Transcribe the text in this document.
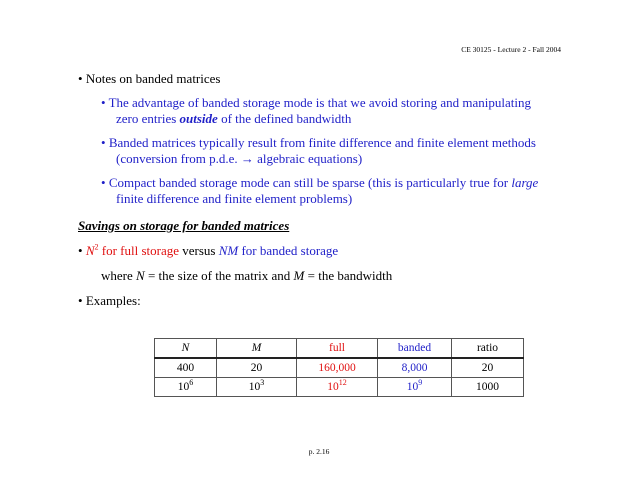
CE 30125 - Lecture 2 - Fall 2004
• Notes on banded matrices
• The advantage of banded storage mode is that we avoid storing and manipulating
zero entries outside of the defined bandwidth
• Banded matrices typically result from finite difference and finite element methods
(conversion from p.d.e. → algebraic equations)
• Compact banded storage mode can still be sparse (this is particularly true for large
finite difference and finite element problems)
Savings on storage for banded matrices
• $N^2$ for full storage versus NM for banded storage
where N = the size of the matrix and M = the bandwidth
• Examples:
N	M	full	banded	ratio
400	20	160,000	8,000	20
$10^6$	$10^3$	$10^{12}$	$10^9$	1000
p. 2.16
